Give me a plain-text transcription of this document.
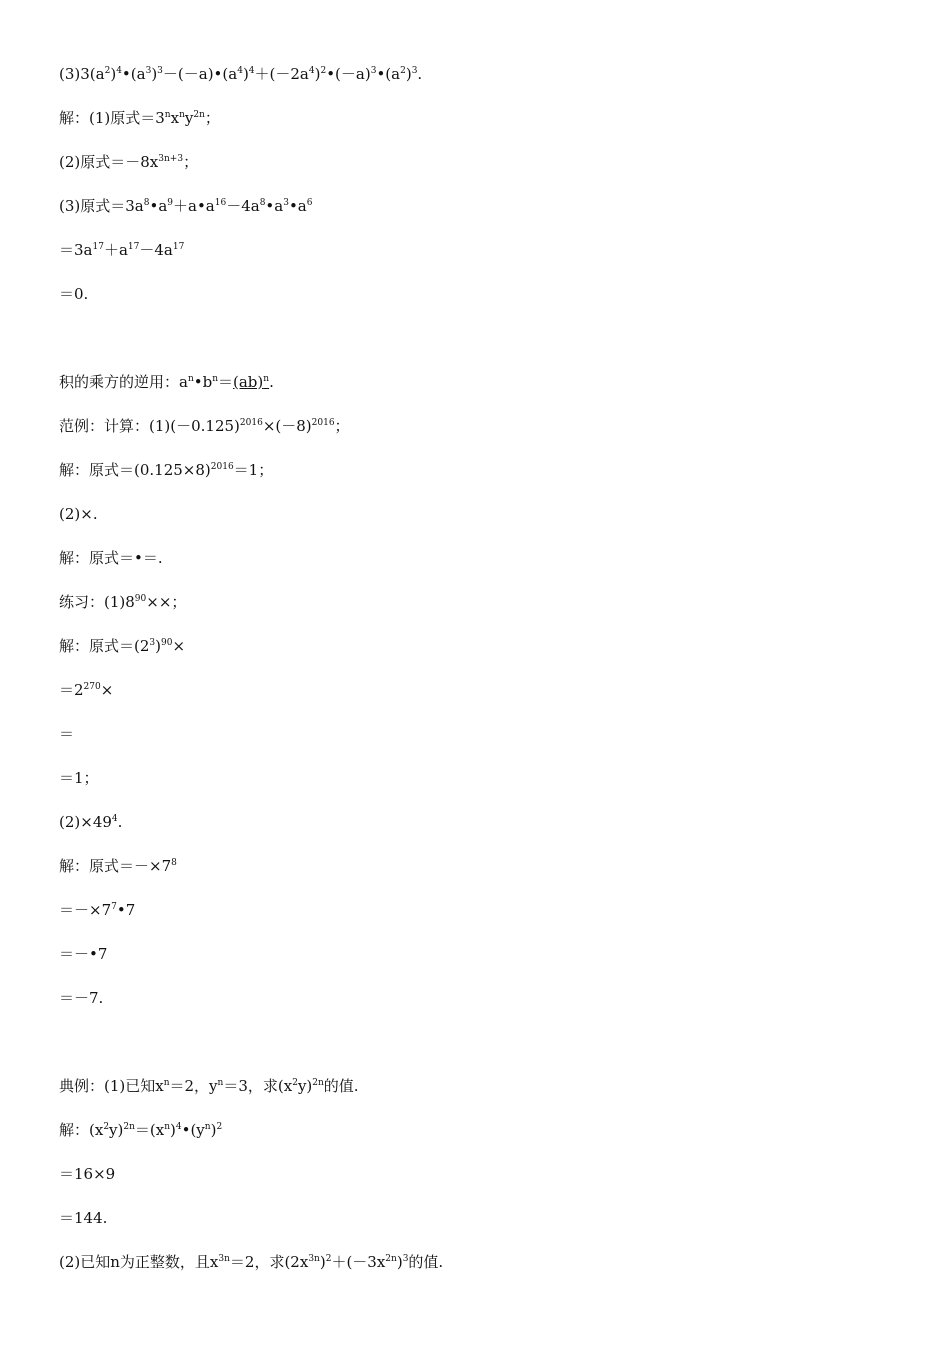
$(3)3(a^2)^4•(a^3)^3-(-a)•(a^4)^4+(-2a^4)^2•(-a)^3•(a^2)^3$.
解：(1)原式$=3^nx^ny^{2n}$；
(2)原式$=-8x^{3n+3}$；
(3)原式$=3a^8•a^9+a•a^{16}-4a^8•a^3•a^6$
$=3a^{17}+a^{17}-4a^{17}$
＝0.
积的乘方的逆用：$a^n•b^n=(ab)^n$.
范例：计算：$(1)(-0.125)^{2016}\times(-8)^{2016}$；
解：原式$=(0.125\times 8)^{2016}=1$；
(2)×.
解：原式＝•＝.
练习：$(1)8^{90}\times\times$；
解：原式$=(2^3)^{90}\times$
$=2^{270}\times$
＝
＝1；
$(2)\times 49^4$.
解：原式$=-\times 7^8$
$=-\times 7^7•7$
＝－•7
＝－7.
典例：(1)已知$x^n=2$，$y^n=3$，求$(x^2y)^{2n}$的值.
解：$(x^2y)^{2n}=(x^n)^4•(y^n)^2$
＝16×9
＝144.
(2)已知n为正整数，且$x^{3n}=2$，求$(2x^{3n})^2+(-3x^{2n})^3$的值.
